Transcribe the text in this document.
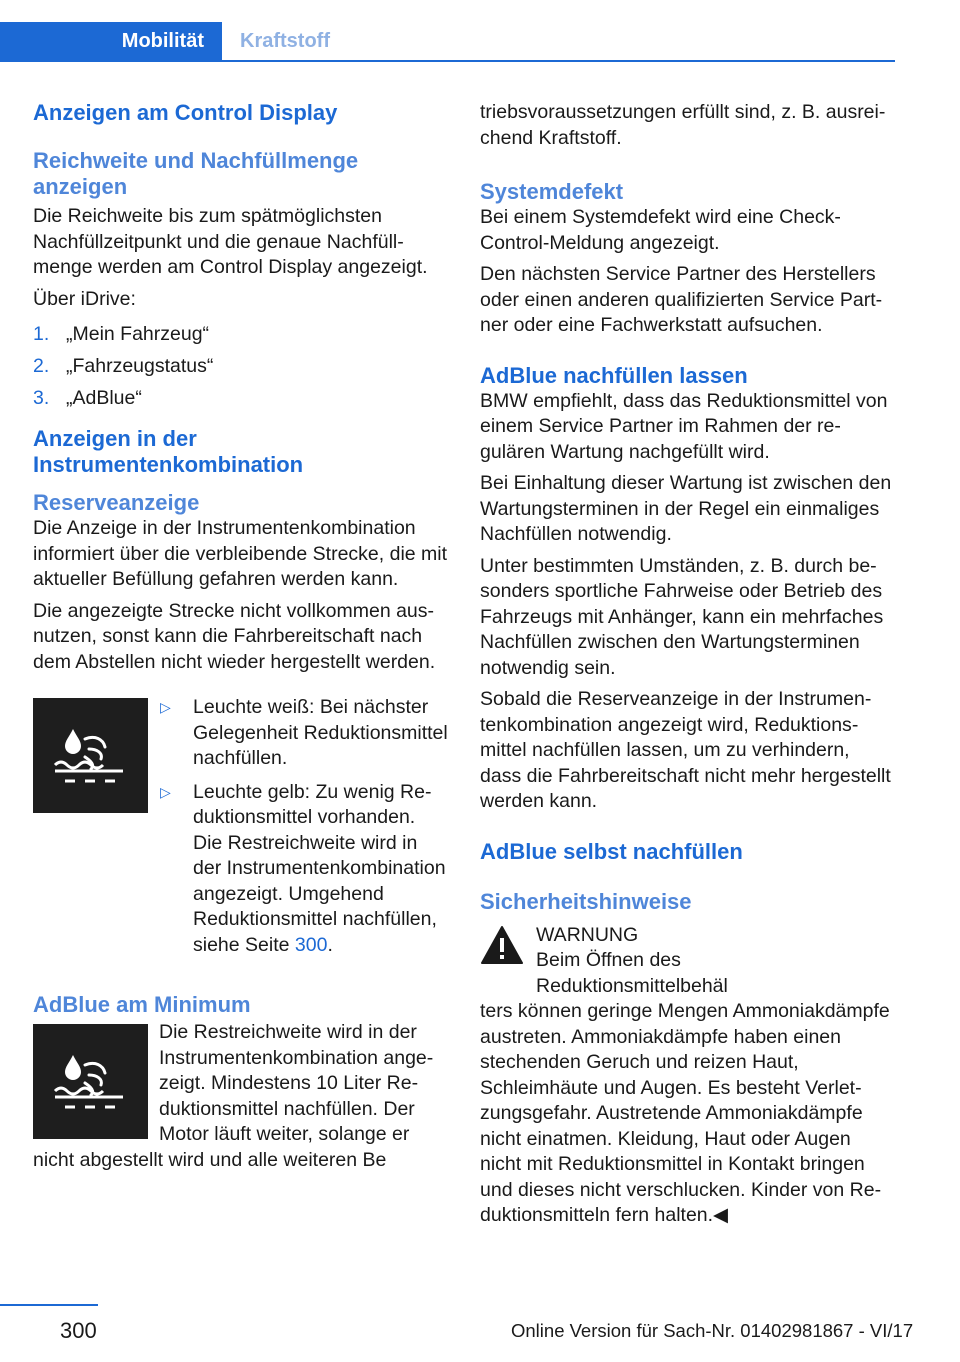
Mobilität	Kraftstoff
Anzeigen am Control Display
Reichweite und Nachfüllmenge anzeigen

Die Reichweite bis zum spätmöglichsten Nachfüllzeitpunkt und die genaue Nachfüllmenge werden am Control Display angezeigt.

Über iDrive:

1. „Mein Fahrzeug“
2. „Fahrzeugstatus“
3. „AdBlue“
Anzeigen in der Instrumentenkombination
Reserveanzeige

Die Anzeige in der Instrumentenkombination informiert über die verbleibende Strecke, die mit aktueller Befüllung gefahren werden kann.

Die angezeigte Strecke nicht vollkommen ausnutzen, sonst kann die Fahrbereitschaft nach dem Abstellen nicht wieder hergestellt werden.

▷	Leuchte weiß: Bei nächster Gelegenheit Reduktionsmittel nachfüllen.
▷	Leuchte gelb: Zu wenig Reduktionsmittel vorhanden. Die Restreichweite wird in der Instrumentenkombination angezeigt. Umgehend Reduktionsmittel nachfüllen, siehe Seite 300.
AdBlue am Minimum

Die Restreichweite wird in der Instrumentenkombination angezeigt. Mindestens 10 Liter Reduktionsmittel nachfüllen. Der Motor läuft weiter, solange er nicht abgestellt wird und alle weiteren Be

triebsvoraussetzungen erfüllt sind, z. B. ausreichend Kraftstoff.

Systemdefekt

Bei einem Systemdefekt wird eine Check-Control-Meldung angezeigt.

Den nächsten Service Partner des Herstellers oder einen anderen qualifizierten Service Partner oder eine Fachwerkstatt aufsuchen.

AdBlue nachfüllen lassen

BMW empfiehlt, dass das Reduktionsmittel von einem Service Partner im Rahmen der regulären Wartung nachgefüllt wird.

Bei Einhaltung dieser Wartung ist zwischen den Wartungsterminen in der Regel ein einmaliges Nachfüllen notwendig.

Unter bestimmten Umständen, z. B. durch besonders sportliche Fahrweise oder Betrieb des Fahrzeugs mit Anhänger, kann ein mehrfaches Nachfüllen zwischen den Wartungsterminen notwendig sein.

Sobald die Reserveanzeige in der Instrumentenkombination angezeigt wird, Reduktionsmittel nachfüllen lassen, um zu verhindern, dass die Fahrbereitschaft nicht mehr hergestellt werden kann.

AdBlue selbst nachfüllen
Sicherheitshinweise

WARNUNG

Beim Öffnen des Reduktionsmittelbehäl

ters können geringe Mengen Ammoniakdämpfe austreten. Ammoniakdämpfe haben einen stechenden Geruch und reizen Haut, Schleimhäute und Augen. Es besteht Verletzungsgefahr. Austretende Ammoniakdämpfe nicht einatmen. Kleidung, Haut oder Augen nicht mit Reduktionsmittel in Kontakt bringen und dieses nicht verschlucken. Kinder von Reduktionsmitteln fern halten.◀

300	Online Version für Sach-Nr. 01402981867 - VI/17
